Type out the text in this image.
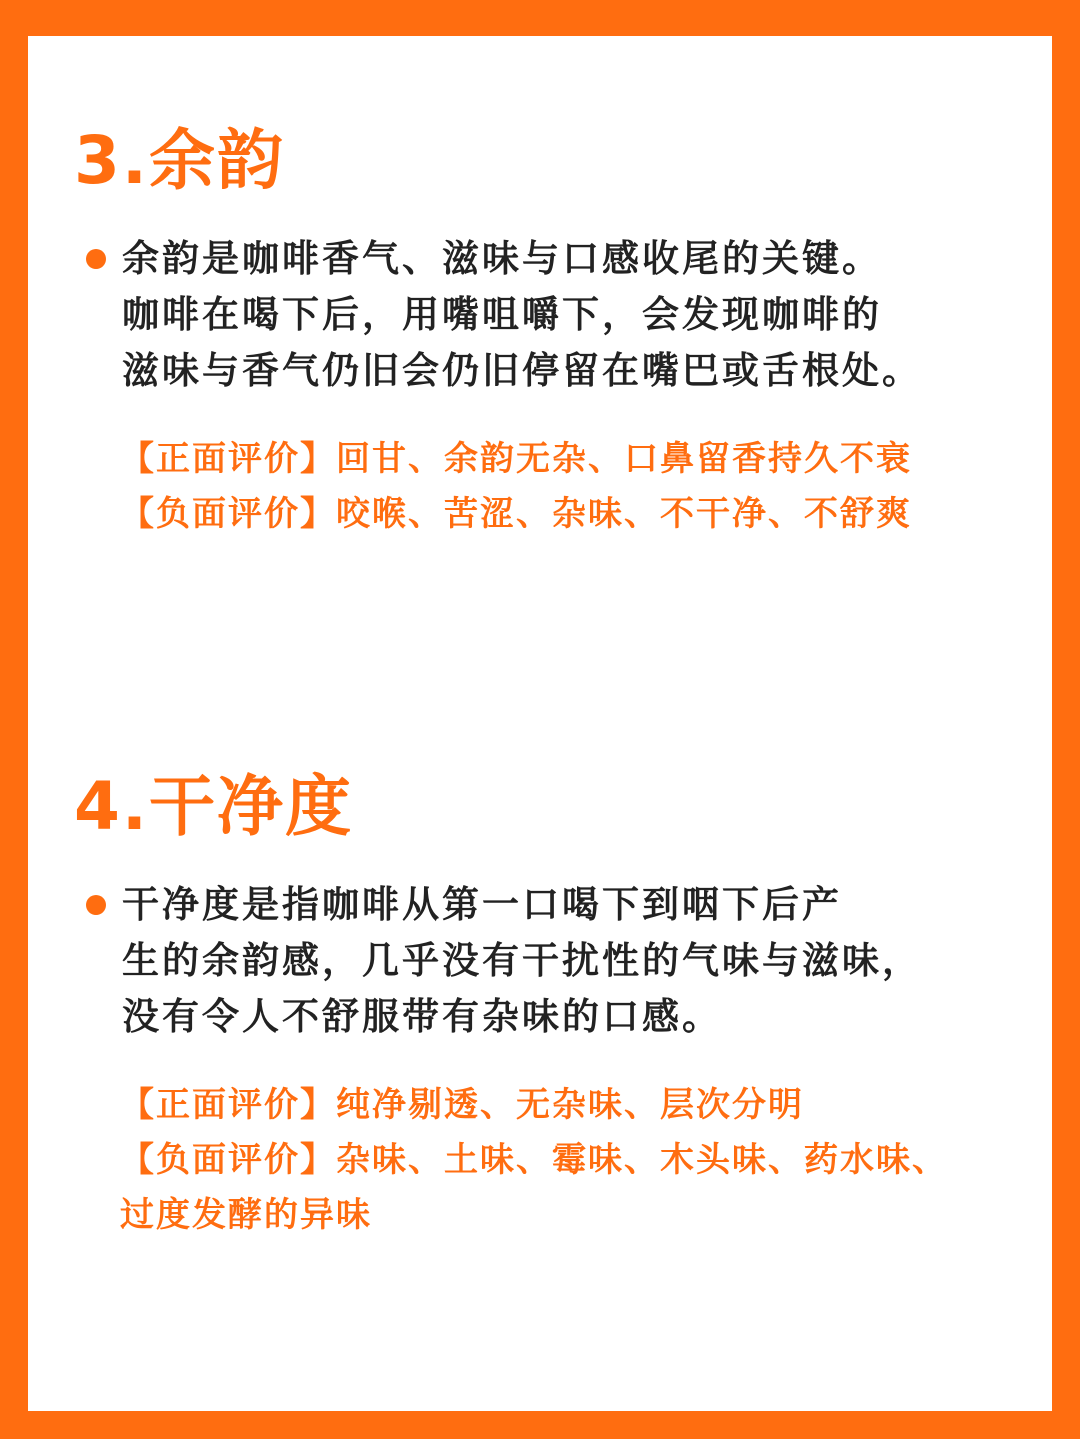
3.余韵
余韵是咖啡香气、滋味与口感收尾的关键。
咖啡在喝下后，用嘴咀嚼下，会发现咖啡的
滋味与香气仍旧会仍旧停留在嘴巴或舌根处。
【正面评价】回甘、余韵无杂、口鼻留香持久不衰
【负面评价】咬喉、苦涩、杂味、不干净、不舒爽
4.干净度
干净度是指咖啡从第一口喝下到咽下后产
生的余韵感，几乎没有干扰性的气味与滋味，
没有令人不舒服带有杂味的口感。
【正面评价】纯净剔透、无杂味、层次分明
【负面评价】杂味、土味、霉味、木头味、药水味、
过度发酵的异味
